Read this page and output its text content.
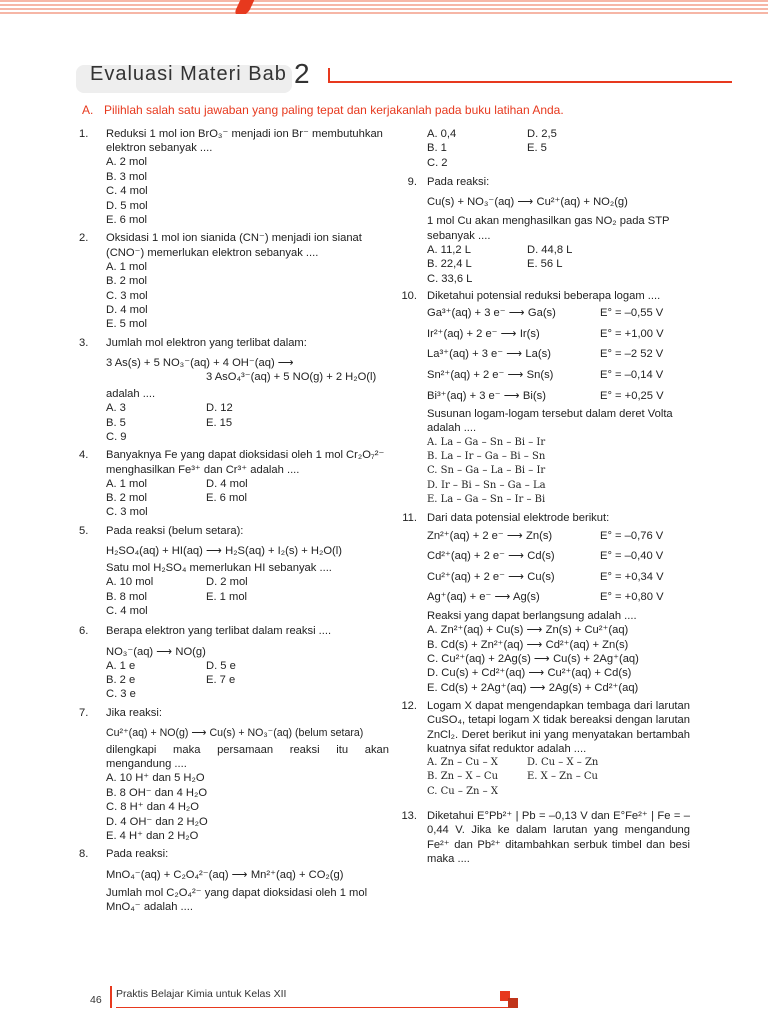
Evaluasi Materi Bab 2
A. Pilihlah salah satu jawaban yang paling tepat dan kerjakanlah pada buku latihan Anda.
1. Reduksi 1 mol ion BrO₃⁻ menjadi ion Br⁻ membutuhkan elektron sebanyak ....
A. 2 mol
B. 3 mol
C. 4 mol
D. 5 mol
E. 6 mol
2. Oksidasi 1 mol ion sianida (CN⁻) menjadi ion sianat (CNO⁻) memerlukan elektron sebanyak ....
A. 1 mol
B. 2 mol
C. 3 mol
D. 4 mol
E. 5 mol
3. Jumlah mol elektron yang terlibat dalam:
3 As(s) + 5 NO₃⁻(aq) + 4 OH⁻(aq) ⟶
3 AsO₄³⁻(aq) + 5 NO(g) + 2 H₂O(l)
adalah ....
A. 3	D. 12
B. 5	E. 15
C. 9
4. Banyaknya Fe yang dapat dioksidasi oleh 1 mol Cr₂O₇²⁻ menghasilkan Fe³⁺ dan Cr³⁺ adalah ....
A. 1 mol	D. 4 mol
B. 2 mol	E. 6 mol
C. 3 mol
5. Pada reaksi (belum setara):
H₂SO₄(aq) + HI(aq) ⟶ H₂S(aq) + I₂(s) + H₂O(l)
Satu mol H₂SO₄ memerlukan HI sebanyak ....
A. 10 mol	D. 2 mol
B. 8 mol	E. 1 mol
C. 4 mol
6. Berapa elektron yang terlibat dalam reaksi ....
NO₃⁻(aq) ⟶ NO(g)
A. 1 e	D. 5 e
B. 2 e	E. 7 e
C. 3 e
7. Jika reaksi:
Cu²⁺(aq) + NO(g) ⟶ Cu(s) + NO₃⁻(aq) (belum setara)
dilengkapi maka persamaan reaksi itu akan mengandung ....
A. 10 H⁺ dan 5 H₂O
B. 8 OH⁻ dan 4 H₂O
C. 8 H⁺ dan 4 H₂O
D. 4 OH⁻ dan 2 H₂O
E. 4 H⁺ dan 2 H₂O
8. Pada reaksi:
MnO₄⁻(aq) + C₂O₄²⁻(aq) ⟶ Mn²⁺(aq) + CO₂(g)
Jumlah mol C₂O₄²⁻ yang dapat dioksidasi oleh 1 mol MnO₄⁻ adalah ....
A. 0,4	D. 2,5
B. 1	E. 5
C. 2
9. Pada reaksi:
Cu(s) + NO₃⁻(aq) ⟶ Cu²⁺(aq) + NO₂(g)
1 mol Cu akan menghasilkan gas NO₂ pada STP sebanyak ....
A. 11,2 L	D. 44,8 L
B. 22,4 L	E. 56 L
C. 33,6 L
10. Diketahui potensial reduksi beberapa logam ....
Ga³⁺(aq) + 3 e⁻ ⟶ Ga(s)	E° = –0,55 V
Ir²⁺(aq) + 2 e⁻ ⟶ Ir(s)	E° = +1,00 V
La³⁺(aq) + 3 e⁻ ⟶ La(s)	E° = –2 52 V
Sn²⁺(aq) + 2 e⁻ ⟶ Sn(s)	E° = –0,14 V
Bi³⁺(aq) + 3 e⁻ ⟶ Bi(s)	E° = +0,25 V
Susunan logam-logam tersebut dalam deret Volta adalah ....
A. La – Ga – Sn – Bi – Ir
B. La – Ir – Ga – Bi – Sn
C. Sn – Ga – La – Bi – Ir
D. Ir – Bi – Sn – Ga – La
E. La – Ga – Sn – Ir – Bi
11. Dari data potensial elektrode berikut:
Zn²⁺(aq) + 2 e⁻ ⟶ Zn(s)	E° = –0,76 V
Cd²⁺(aq) + 2 e⁻ ⟶ Cd(s)	E° = –0,40 V
Cu²⁺(aq) + 2 e⁻ ⟶ Cu(s)	E° = +0,34 V
Ag⁺(aq) + e⁻ ⟶ Ag(s)	E° = +0,80 V
Reaksi yang dapat berlangsung adalah ....
A. Zn²⁺(aq) + Cu(s) ⟶ Zn(s) + Cu²⁺(aq)
B. Cd(s) + Zn²⁺(aq) ⟶ Cd²⁺(aq) + Zn(s)
C. Cu²⁺(aq) + 2Ag(s) ⟶ Cu(s) + 2Ag⁺(aq)
D. Cu(s) + Cd²⁺(aq) ⟶ Cu²⁺(aq) + Cd(s)
E. Cd(s) + 2Ag⁺(aq) ⟶ 2Ag(s) + Cd²⁺(aq)
12. Logam X dapat mengendapkan tembaga dari larutan CuSO₄, tetapi logam X tidak bereaksi dengan larutan ZnCl₂. Deret berikut ini yang menyatakan bertambah kuatnya sifat reduktor adalah ....
A. Zn – Cu – X	D. Cu – X – Zn
B. Zn – X – Cu	E. X – Zn – Cu
C. Cu – Zn – X
13. Diketahui E°Pb²⁺ | Pb = –0,13 V dan E°Fe²⁺ | Fe = –0,44 V. Jika ke dalam larutan yang mengandung Fe²⁺ dan Pb²⁺ ditambahkan serbuk timbel dan besi maka ....
46 Praktis Belajar Kimia untuk Kelas XII
